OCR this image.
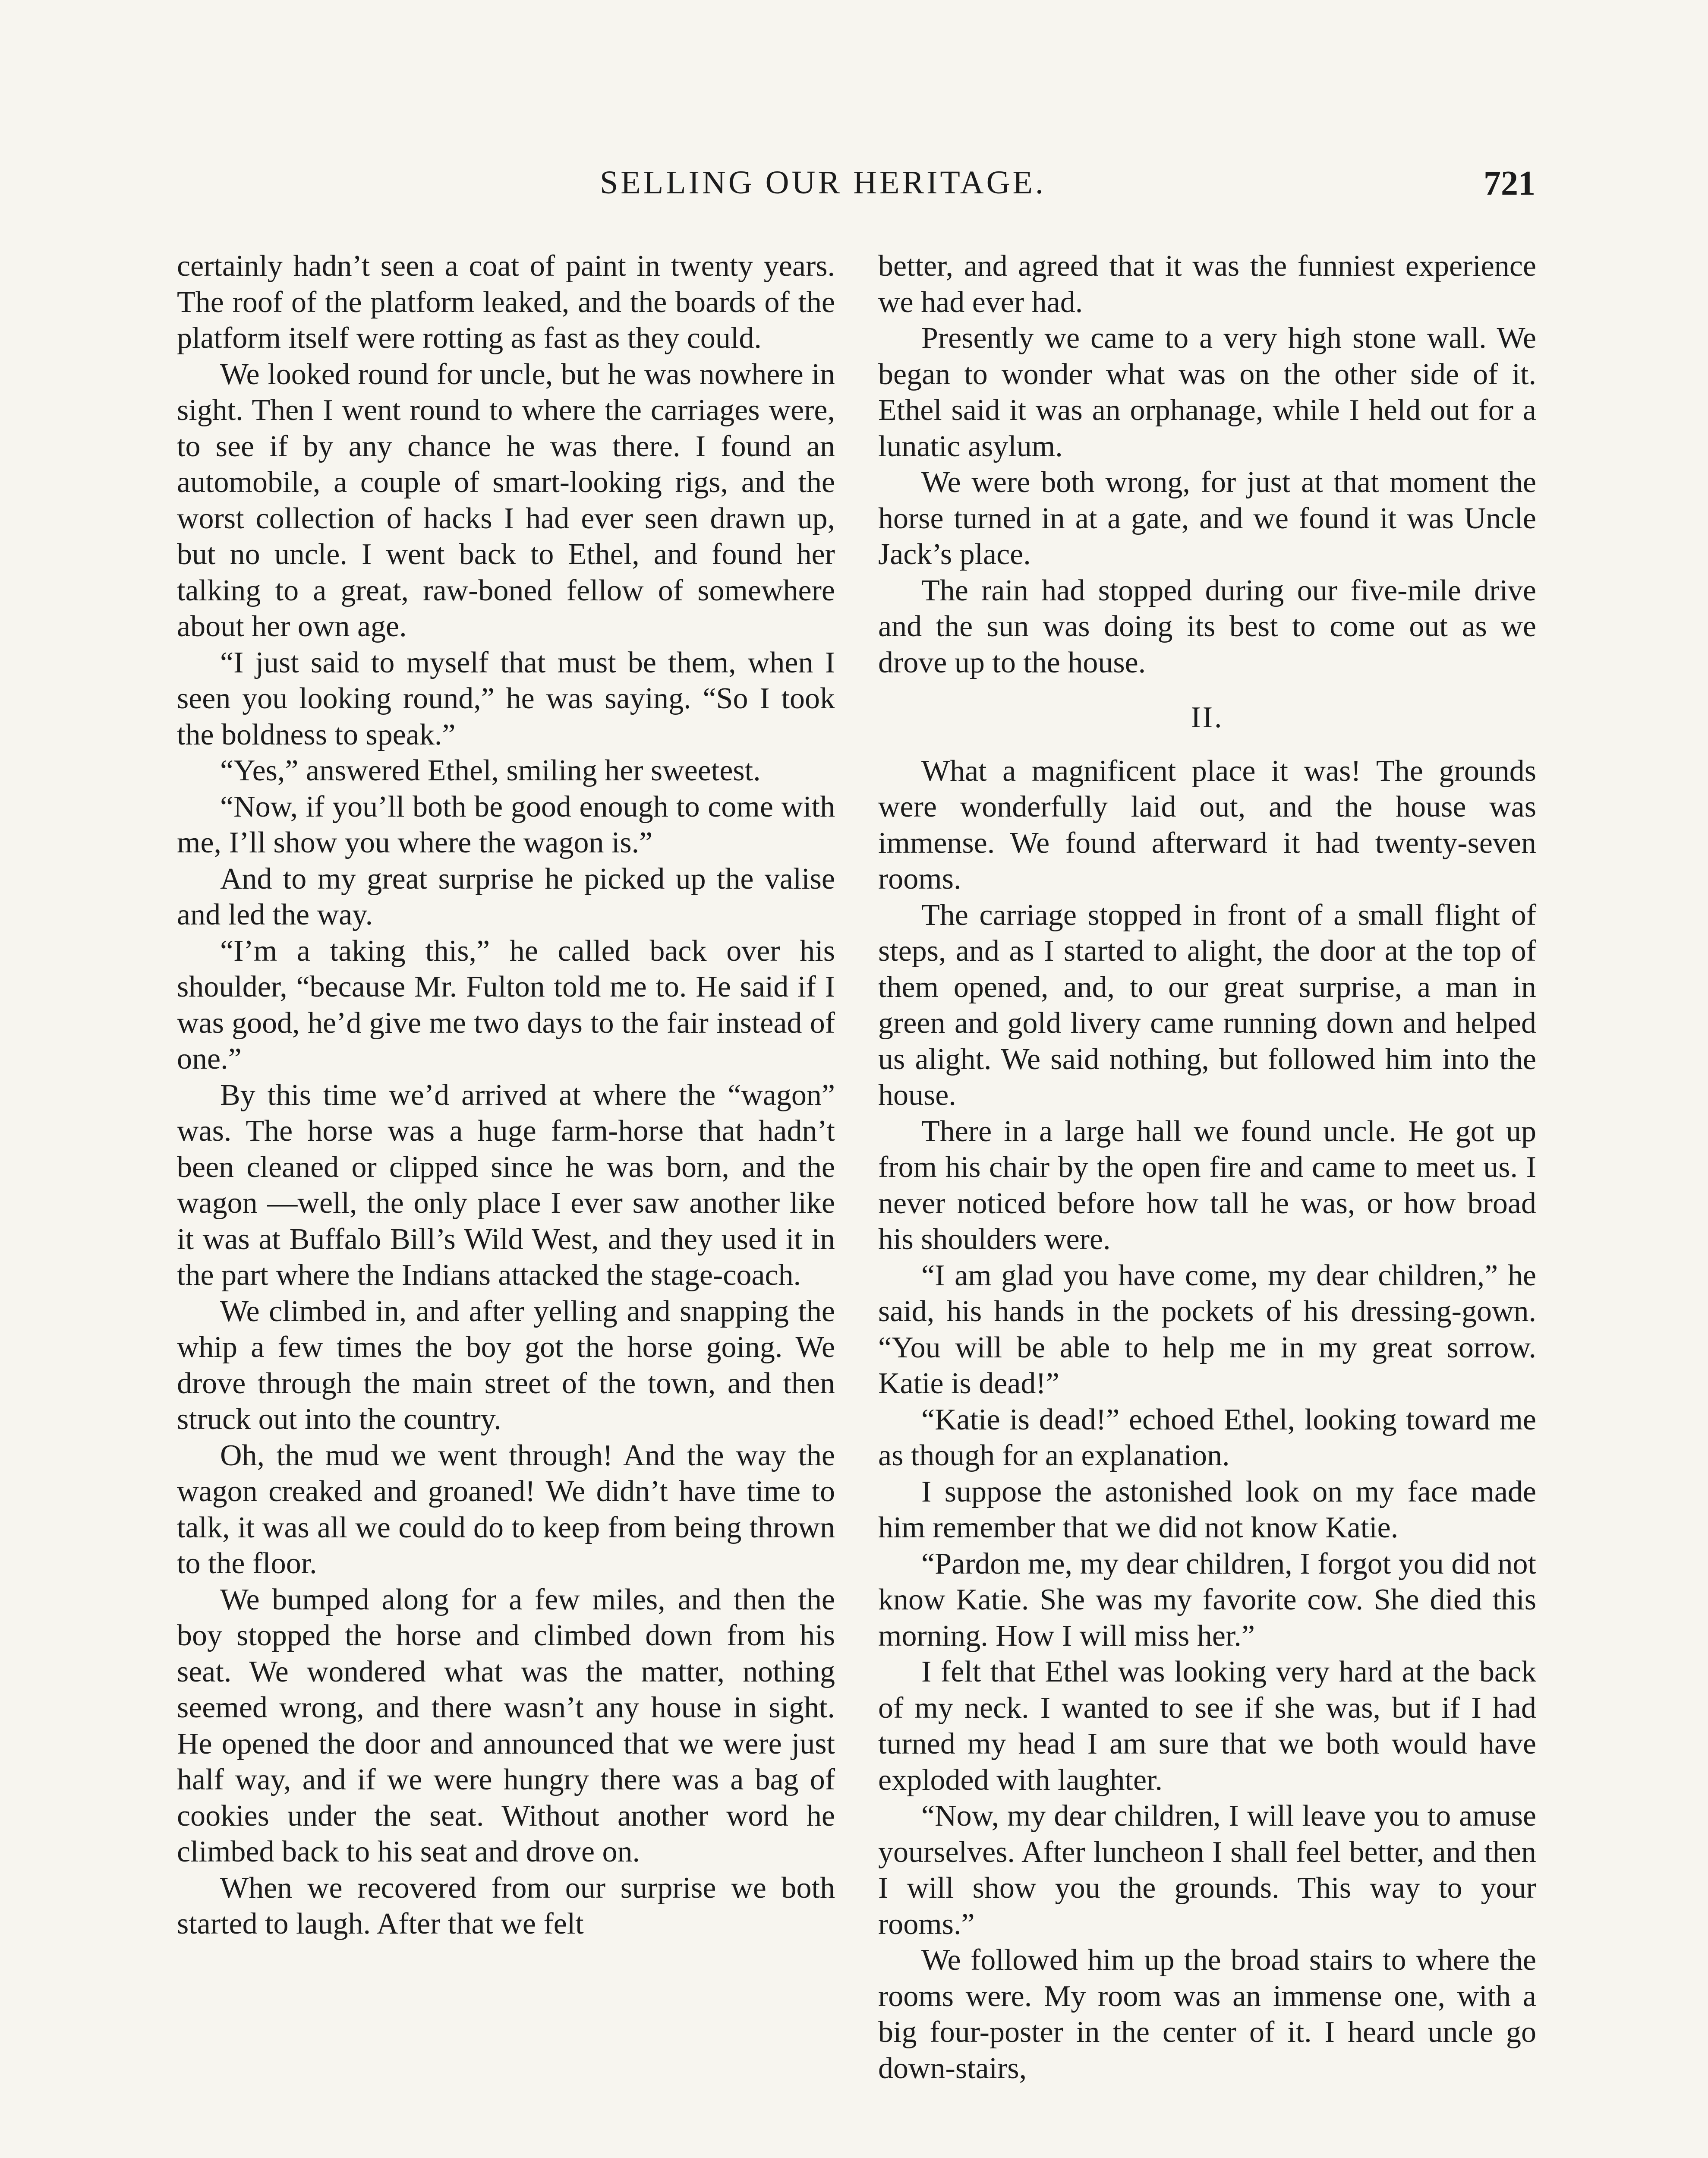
SELLING OUR HERITAGE.	721

certainly hadn’t seen a coat of paint in twenty years. The roof of the platform leaked, and the boards of the platform itself were rotting as fast as they could.

We looked round for uncle, but he was nowhere in sight. Then I went round to where the carriages were, to see if by any chance he was there. I found an automobile, a couple of smart-looking rigs, and the worst collection of hacks I had ever seen drawn up, but no uncle. I went back to Ethel, and found her talking to a great, raw-boned fellow of somewhere about her own age.

“I just said to myself that must be them, when I seen you looking round,” he was saying. “So I took the boldness to speak.”

“Yes,” answered Ethel, smiling her sweetest.

“Now, if you’ll both be good enough to come with me, I’ll show you where the wagon is.”

And to my great surprise he picked up the valise and led the way.

“I’m a taking this,” he called back over his shoulder, “because Mr. Fulton told me to. He said if I was good, he’d give me two days to the fair instead of one.”

By this time we’d arrived at where the “wagon” was. The horse was a huge farm-horse that hadn’t been cleaned or clipped since he was born, and the wagon —well, the only place I ever saw another like it was at Buffalo Bill’s Wild West, and they used it in the part where the Indians attacked the stage-coach.

We climbed in, and after yelling and snapping the whip a few times the boy got the horse going. We drove through the main street of the town, and then struck out into the country.

Oh, the mud we went through! And the way the wagon creaked and groaned! We didn’t have time to talk, it was all we could do to keep from being thrown to the floor.

We bumped along for a few miles, and then the boy stopped the horse and climbed down from his seat. We wondered what was the matter, nothing seemed wrong, and there wasn’t any house in sight. He opened the door and announced that we were just half way, and if we were hungry there was a bag of cookies under the seat. Without another word he climbed back to his seat and drove on.

When we recovered from our surprise we both started to laugh. After that we felt

better, and agreed that it was the funniest experience we had ever had.

Presently we came to a very high stone wall. We began to wonder what was on the other side of it. Ethel said it was an orphanage, while I held out for a lunatic asylum.

We were both wrong, for just at that moment the horse turned in at a gate, and we found it was Uncle Jack’s place.

The rain had stopped during our five-mile drive and the sun was doing its best to come out as we drove up to the house.

II.

What a magnificent place it was! The grounds were wonderfully laid out, and the house was immense. We found afterward it had twenty-seven rooms.

The carriage stopped in front of a small flight of steps, and as I started to alight, the door at the top of them opened, and, to our great surprise, a man in green and gold livery came running down and helped us alight. We said nothing, but followed him into the house.

There in a large hall we found uncle. He got up from his chair by the open fire and came to meet us. I never noticed before how tall he was, or how broad his shoulders were.

“I am glad you have come, my dear children,” he said, his hands in the pockets of his dressing-gown. “You will be able to help me in my great sorrow. Katie is dead!”

“Katie is dead!” echoed Ethel, looking toward me as though for an explanation.

I suppose the astonished look on my face made him remember that we did not know Katie.

“Pardon me, my dear children, I forgot you did not know Katie. She was my favorite cow. She died this morning. How I will miss her.”

I felt that Ethel was looking very hard at the back of my neck. I wanted to see if she was, but if I had turned my head I am sure that we both would have exploded with laughter.

“Now, my dear children, I will leave you to amuse yourselves. After luncheon I shall feel better, and then I will show you the grounds. This way to your rooms.”

We followed him up the broad stairs to where the rooms were. My room was an immense one, with a big four-poster in the center of it. I heard uncle go down-stairs,
